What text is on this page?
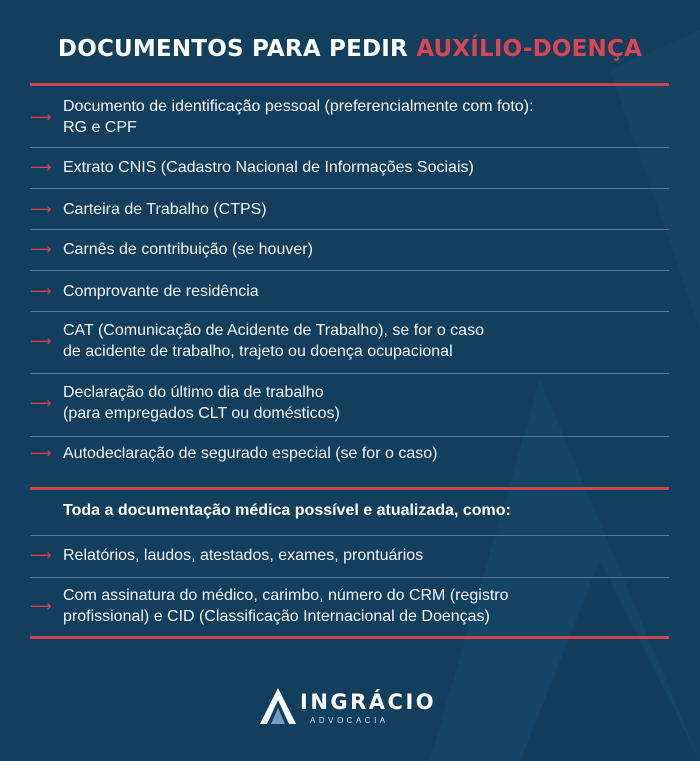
DOCUMENTOS PARA PEDIR AUXÍLIO-DOENÇA
⟶
Documento de identificação pessoal (preferencialmente com foto):
RG e CPF
⟶ Extrato CNIS (Cadastro Nacional de Informações Sociais)
⟶ Carteira de Trabalho (CTPS)
⟶ Carnês de contribuição (se houver)
⟶ Comprovante de residência
⟶
CAT (Comunicação de Acidente de Trabalho), se for o caso
de acidente de trabalho, trajeto ou doença ocupacional
⟶
Declaração do último dia de trabalho
(para empregados CLT ou domésticos)
⟶ Autodeclaração de segurado especial (se for o caso)
Toda a documentação médica possível e atualizada, como:
⟶ Relatórios, laudos, atestados, exames, prontuários
⟶
Com assinatura do médico, carimbo, número do CRM (registro
profissional) e CID (Classificação Internacional de Doenças)
INGRÁCIO
ADVOCACIA
